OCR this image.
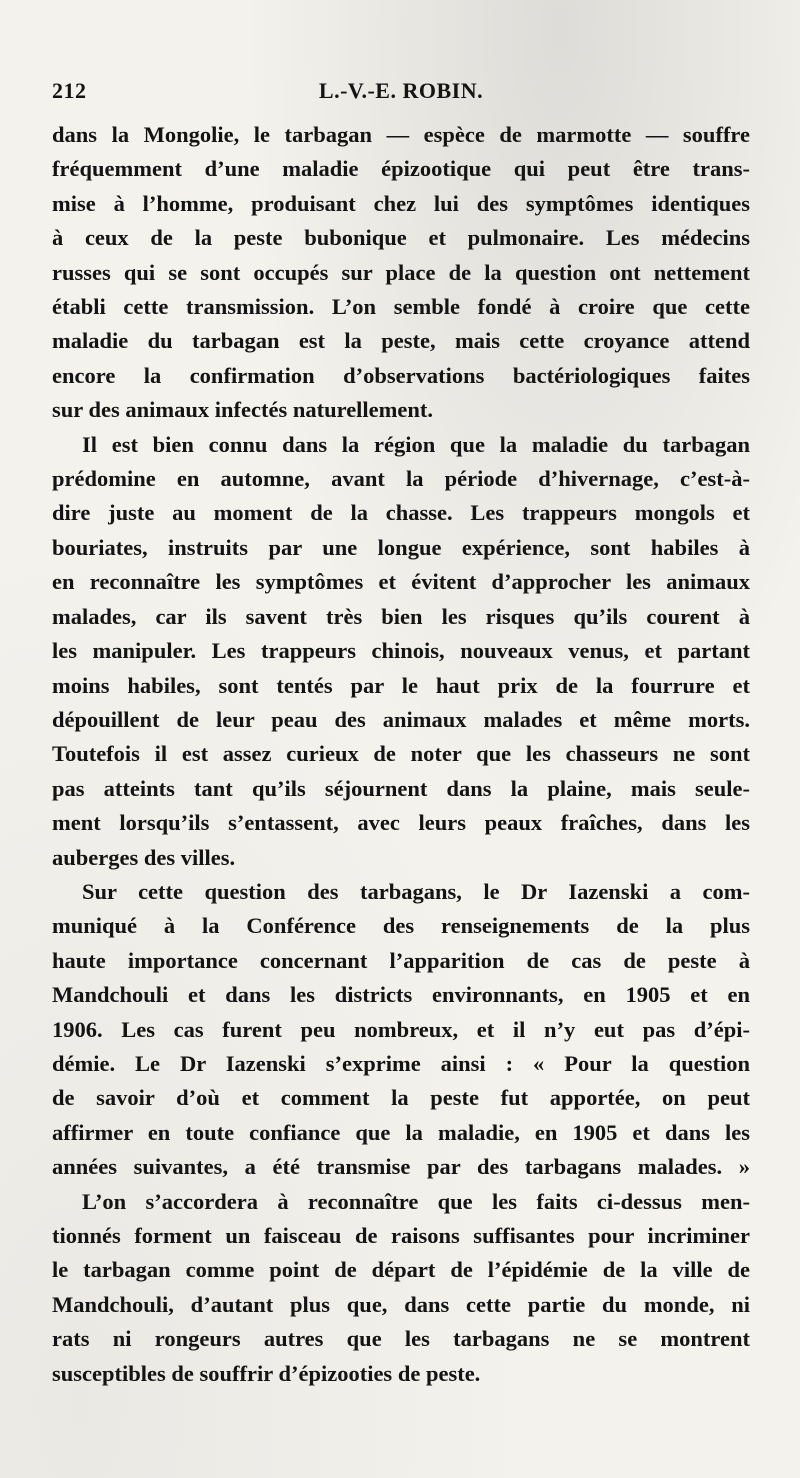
212	L.-V.-E. ROBIN.

dans la Mongolie, le tarbagan — espèce de marmotte — souffre
fréquemment d’une maladie épizootique qui peut être trans-
mise à l’homme, produisant chez lui des symptômes identiques
à ceux de la peste bubonique et pulmonaire. Les médecins
russes qui se sont occupés sur place de la question ont nettement
établi cette transmission. L’on semble fondé à croire que cette
maladie du tarbagan est la peste, mais cette croyance attend
encore la confirmation d’observations bactériologiques faites
sur des animaux infectés naturellement.

Il est bien connu dans la région que la maladie du tarbagan
prédomine en automne, avant la période d’hivernage, c’est-à-
dire juste au moment de la chasse. Les trappeurs mongols et
bouriates, instruits par une longue expérience, sont habiles à
en reconnaître les symptômes et évitent d’approcher les animaux
malades, car ils savent très bien les risques qu’ils courent à
les manipuler. Les trappeurs chinois, nouveaux venus, et partant
moins habiles, sont tentés par le haut prix de la fourrure et
dépouillent de leur peau des animaux malades et même morts.
Toutefois il est assez curieux de noter que les chasseurs ne sont
pas atteints tant qu’ils séjournent dans la plaine, mais seule-
ment lorsqu’ils s’entassent, avec leurs peaux fraîches, dans les
auberges des villes.

Sur cette question des tarbagans, le Dr Iazenski a com-
muniqué à la Conférence des renseignements de la plus
haute importance concernant l’apparition de cas de peste à
Mandchouli et dans les districts environnants, en 1905 et en
1906. Les cas furent peu nombreux, et il n’y eut pas d’épi-
démie. Le Dr Iazenski s’exprime ainsi : « Pour la question
de savoir d’où et comment la peste fut apportée, on peut
affirmer en toute confiance que la maladie, en 1905 et dans les
années suivantes, a été transmise par des tarbagans malades. »

L’on s’accordera à reconnaître que les faits ci-dessus men-
tionnés forment un faisceau de raisons suffisantes pour incriminer
le tarbagan comme point de départ de l’épidémie de la ville de
Mandchouli, d’autant plus que, dans cette partie du monde, ni
rats ni rongeurs autres que les tarbagans ne se montrent
susceptibles de souffrir d’épizooties de peste.
